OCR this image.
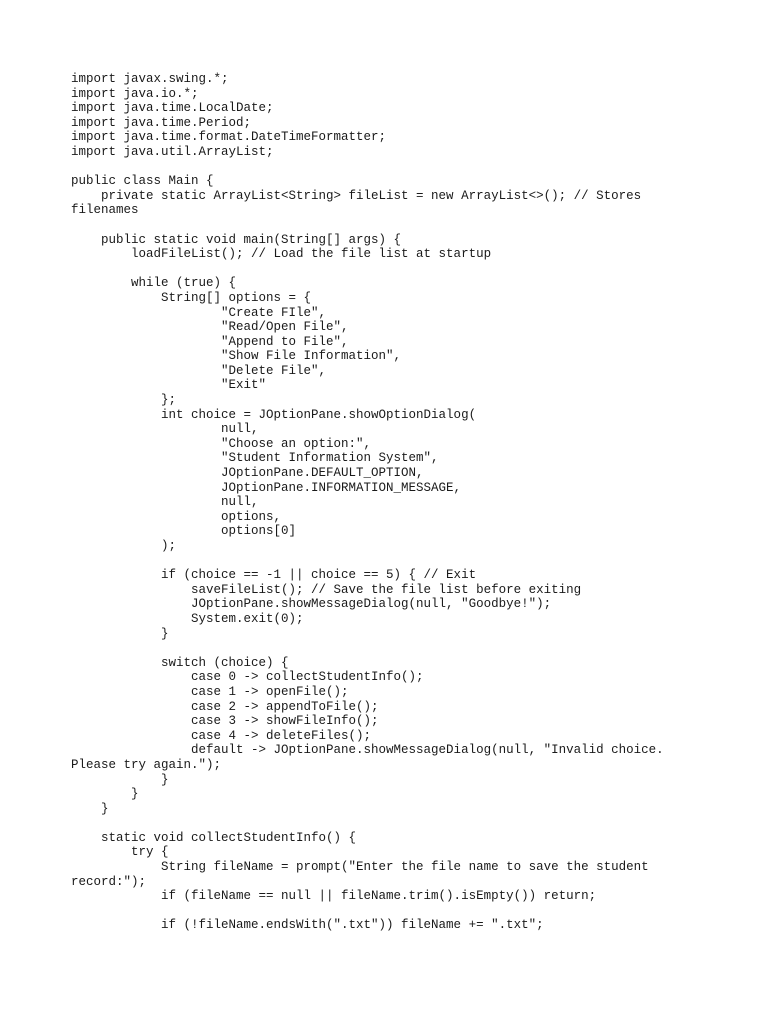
import javax.swing.*;
import java.io.*;
import java.time.LocalDate;
import java.time.Period;
import java.time.format.DateTimeFormatter;
import java.util.ArrayList;
public class Main {
private static ArrayList<String> fileList = new ArrayList<>(); // Stores
filenames
public static void main(String[] args) {
loadFileList(); // Load the file list at startup
while (true) {
String[] options = {
"Create FIle",
"Read/Open File",
"Append to File",
"Show File Information",
"Delete File",
"Exit"
};
int choice = JOptionPane.showOptionDialog(
null,
"Choose an option:",
"Student Information System",
JOptionPane.DEFAULT_OPTION,
JOptionPane.INFORMATION_MESSAGE,
null,
options,
options[0]
);
if (choice == -1 || choice == 5) { // Exit
saveFileList(); // Save the file list before exiting
JOptionPane.showMessageDialog(null, "Goodbye!");
System.exit(0);
}
switch (choice) {
case 0 -> collectStudentInfo();
case 1 -> openFile();
case 2 -> appendToFile();
case 3 -> showFileInfo();
case 4 -> deleteFiles();
default -> JOptionPane.showMessageDialog(null, "Invalid choice.
Please try again.");
}
}
}
static void collectStudentInfo() {
try {
String fileName = prompt("Enter the file name to save the student
record:");
if (fileName == null || fileName.trim().isEmpty()) return;
if (!fileName.endsWith(".txt")) fileName += ".txt";
